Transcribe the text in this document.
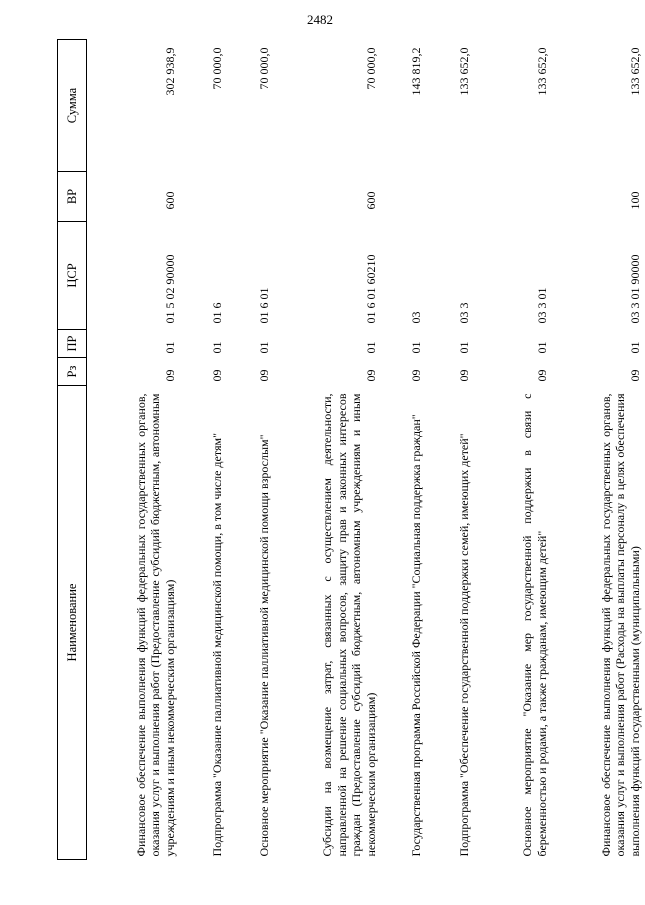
2482
Наименование	Рз	ПР	ЦСР	ВР	Сумма
Финансовое обеспечение выполнения функций федеральных государственных органов, оказания услуг и выполнения работ (Предоставление субсидий бюджетным, автономным учреждениям и иным некоммерческим организациям)	09	01	01 5 02 90000	600	302 938,9
Подпрограмма "Оказание паллиативной медицинской помощи, в том числе детям"	09	01	01 6		70 000,0
Основное мероприятие "Оказание паллиативной медицинской помощи взрослым"	09	01	01 6 01		70 000,0
Субсидии на возмещение затрат, связанных с осуществлением деятельности, направленной на решение социальных вопросов, защиту прав и законных интересов граждан (Предоставление субсидий бюджетным, автономным учреждениям и иным некоммерческим организациям)	09	01	01 6 01 60210	600	70 000,0
Государственная программа Российской Федерации "Социальная поддержка граждан"	09	01	03		143 819,2
Подпрограмма "Обеспечение государственной поддержки семей, имеющих детей"	09	01	03 3		133 652,0
Основное мероприятие "Оказание мер государственной поддержки в связи с беременностью и родами, а также гражданам, имеющим детей"	09	01	03 3 01		133 652,0
Финансовое обеспечение выполнения функций федеральных государственных органов, оказания услуг и выполнения работ (Расходы на выплаты персоналу в целях обеспечения выполнения функций государственными (муниципальными)	09	01	03 3 01 90000	100	133 652,0
